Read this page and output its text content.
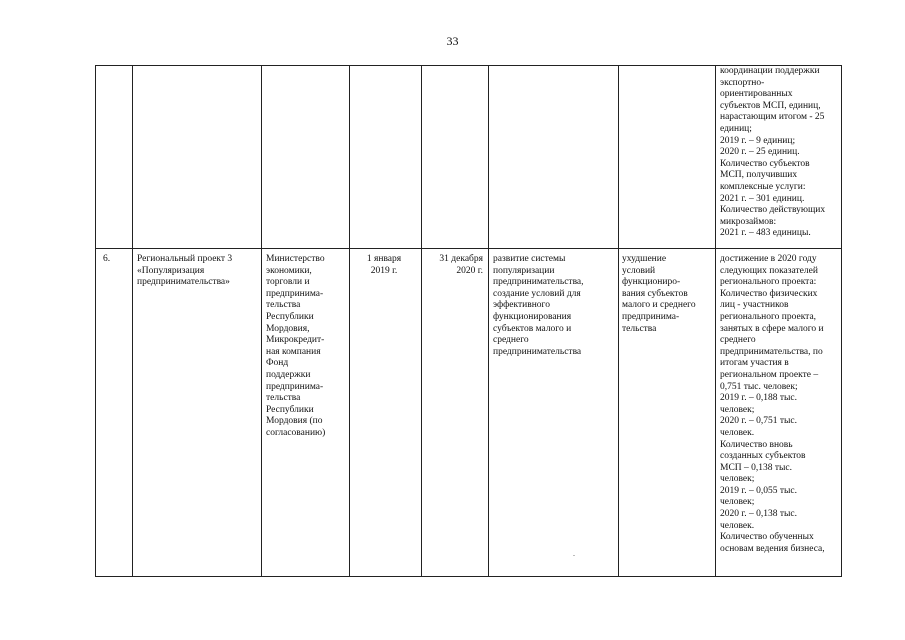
33
координации поддержки
экспортно-
ориентированных
субъектов МСП, единиц,
нарастающим итогом - 25
единиц;
2019 г. – 9 единиц;
2020 г. – 25 единиц.
Количество субъектов
МСП, получивших
комплексные услуги:
2021 г. – 301 единиц.
Количество действующих
микрозаймов:
2021 г. – 483 единицы.
6.	Региональный проект 3
«Популяризация
предпринимательства»
Министерство
экономики,
торговли и
предпринима-
тельства
Республики
Мордовия,
Микрокредит-
ная компания
Фонд
поддержки
предпринима-
тельства
Республики
Мордовия (по
согласованию)
1 января
2019 г.
31 декабря
2020 г.
развитие системы
популяризации
предпринимательства,
создание условий для
эффективного
функционирования
субъектов малого и
среднего
предпринимательства
ухудшение
условий
функциониро-
вания субъектов
малого и среднего
предпринима-
тельства
достижение в 2020 году
следующих показателей
регионального проекта:
Количество физических
лиц - участников
регионального проекта,
занятых в сфере малого и
среднего
предпринимательства, по
итогам участия в
региональном проекте –
0,751 тыс. человек;
2019 г. – 0,188 тыс.
человек;
2020 г. – 0,751 тыс.
человек.
Количество вновь
созданных субъектов
МСП – 0,138 тыс.
человек;
2019 г. – 0,055 тыс.
человек;
2020 г. – 0,138 тыс.
человек.
Количество обученных
основам ведения бизнеса,
